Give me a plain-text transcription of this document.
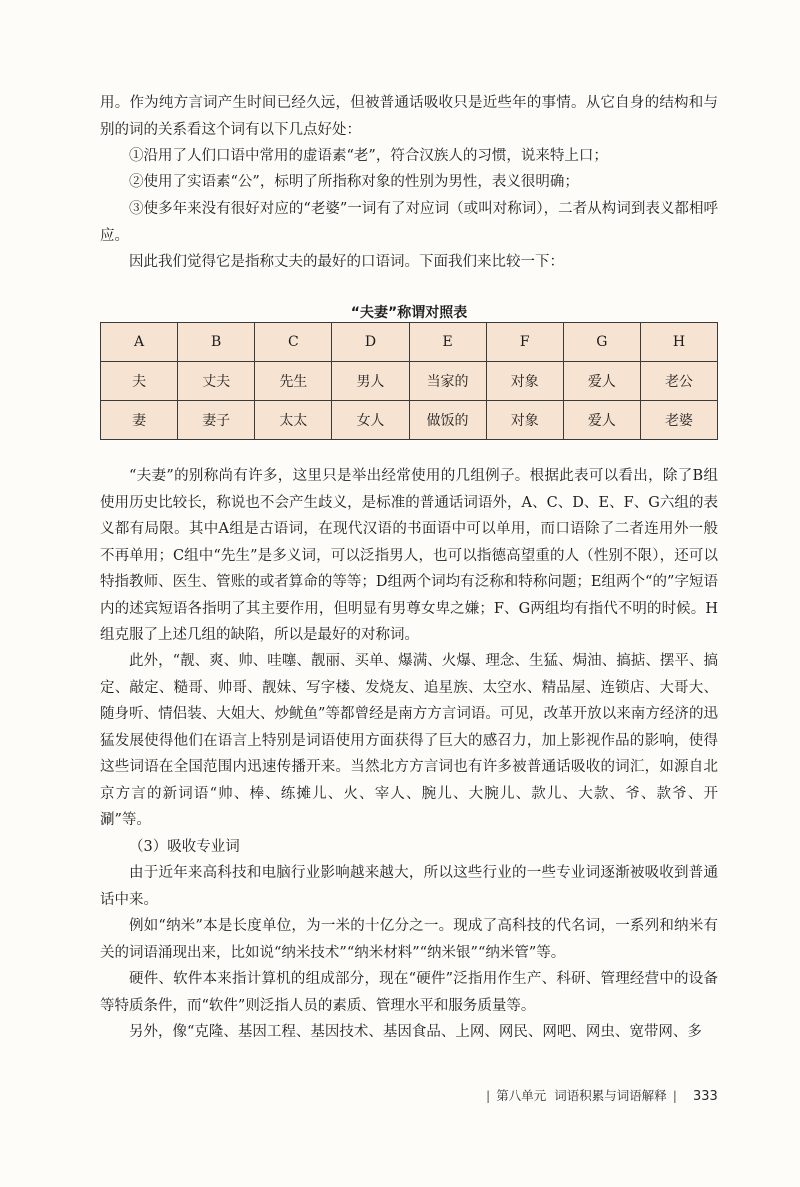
用。作为纯方言词产生时间已经久远，但被普通话吸收只是近些年的事情。从它自身的结构和与别的词的关系看这个词有以下几点好处：

①沿用了人们口语中常用的虚语素“老”，符合汉族人的习惯，说来特上口；

②使用了实语素“公”，标明了所指称对象的性别为男性，表义很明确；

③使多年来没有很好对应的“老婆”一词有了对应词（或叫对称词），二者从构词到表义都相呼应。

因此我们觉得它是指称丈夫的最好的口语词。下面我们来比较一下：

“夫妻”称谓对照表
A	B	C	D	E	F	G	H
夫	丈夫	先生	男人	当家的	对象	爱人	老公
妻	妻子	太太	女人	做饭的	对象	爱人	老婆

“夫妻”的别称尚有许多，这里只是举出经常使用的几组例子。根据此表可以看出，除了B组使用历史比较长，称说也不会产生歧义，是标准的普通话词语外，A、C、D、E、F、G六组的表义都有局限。其中A组是古语词，在现代汉语的书面语中可以单用，而口语除了二者连用外一般不再单用；C组中“先生”是多义词，可以泛指男人，也可以指德高望重的人（性别不限），还可以特指教师、医生、管账的或者算命的等等；D组两个词均有泛称和特称问题；E组两个“的”字短语内的述宾短语各指明了其主要作用，但明显有男尊女卑之嫌；F、G两组均有指代不明的时候。H组克服了上述几组的缺陷，所以是最好的对称词。

此外，“靓、爽、帅、哇噻、靓丽、买单、爆满、火爆、理念、生猛、焗油、搞掂、摆平、搞定、敲定、糙哥、帅哥、靓妹、写字楼、发烧友、追星族、太空水、精品屋、连锁店、大哥大、随身听、情侣装、大姐大、炒鱿鱼”等都曾经是南方方言词语。可见，改革开放以来南方经济的迅猛发展使得他们在语言上特别是词语使用方面获得了巨大的感召力，加上影视作品的影响，使得这些词语在全国范围内迅速传播开来。当然北方方言词也有许多被普通话吸收的词汇，如源自北京方言的新词语“帅、棒、练摊儿、火、宰人、腕儿、大腕儿、款儿、大款、爷、款爷、开涮”等。

（3）吸收专业词

由于近年来高科技和电脑行业影响越来越大，所以这些行业的一些专业词逐渐被吸收到普通话中来。

例如“纳米”本是长度单位，为一米的十亿分之一。现成了高科技的代名词，一系列和纳米有关的词语涌现出来，比如说“纳米技术”“纳米材料”“纳米银”“纳米管”等。

硬件、软件本来指计算机的组成部分，现在“硬件”泛指用作生产、科研、管理经营中的设备等特质条件，而“软件”则泛指人员的素质、管理水平和服务质量等。

另外，像“克隆、基因工程、基因技术、基因食品、上网、网民、网吧、网虫、宽带网、多

| 第八单元 词语积累与词语解释 | 333
